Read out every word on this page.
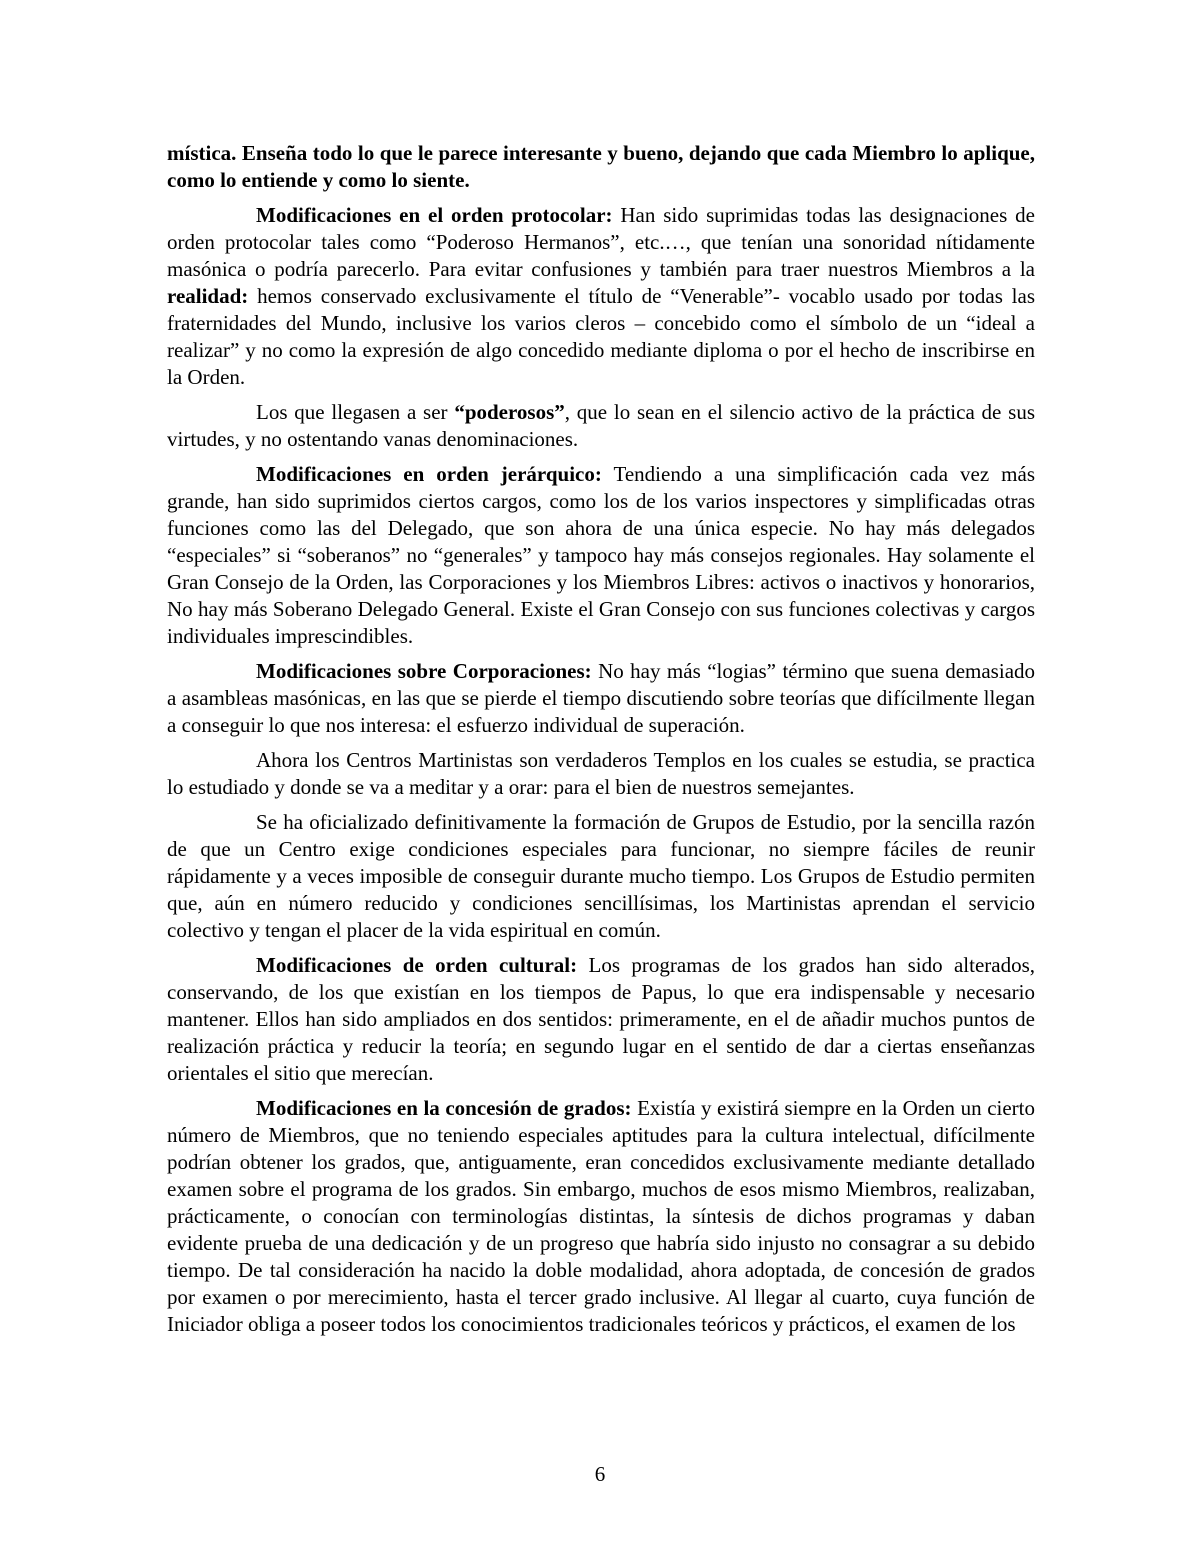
mística. Enseña todo lo que le parece interesante y bueno, dejando que cada Miembro lo aplique, como lo entiende y como lo siente.

Modificaciones en el orden protocolar: Han sido suprimidas todas las designaciones de orden protocolar tales como “Poderoso Hermanos”, etc.…, que tenían una sonoridad nítidamente masónica o podría parecerlo. Para evitar confusiones y también para traer nuestros Miembros a la realidad: hemos conservado exclusivamente el título de “Venerable”- vocablo usado por todas las fraternidades del Mundo, inclusive los varios cleros – concebido como el símbolo de un “ideal a realizar” y no como la expresión de algo concedido mediante diploma o por el hecho de inscribirse en la Orden.

Los que llegasen a ser “poderosos”, que lo sean en el silencio activo de la práctica de sus virtudes, y no ostentando vanas denominaciones.

Modificaciones en orden jerárquico: Tendiendo a una simplificación cada vez más grande, han sido suprimidos ciertos cargos, como los de los varios inspectores y simplificadas otras funciones como las del Delegado, que son ahora de una única especie. No hay más delegados “especiales” si “soberanos” no “generales” y tampoco hay más consejos regionales. Hay solamente el Gran Consejo de la Orden, las Corporaciones y los Miembros Libres: activos o inactivos y honorarios, No hay más Soberano Delegado General. Existe el Gran Consejo con sus funciones colectivas y cargos individuales imprescindibles.

Modificaciones sobre Corporaciones: No hay más “logias” término que suena demasiado a asambleas masónicas, en las que se pierde el tiempo discutiendo sobre teorías que difícilmente llegan a conseguir lo que nos interesa: el esfuerzo individual de superación.

Ahora los Centros Martinistas son verdaderos Templos en los cuales se estudia, se practica lo estudiado y donde se va a meditar y a orar: para el bien de nuestros semejantes.

Se ha oficializado definitivamente la formación de Grupos de Estudio, por la sencilla razón de que un Centro exige condiciones especiales para funcionar, no siempre fáciles de reunir rápidamente y a veces imposible de conseguir durante mucho tiempo. Los Grupos de Estudio permiten que, aún en número reducido y condiciones sencillísimas, los Martinistas aprendan el servicio colectivo y tengan el placer de la vida espiritual en común.

Modificaciones de orden cultural: Los programas de los grados han sido alterados, conservando, de los que existían en los tiempos de Papus, lo que era indispensable y necesario mantener. Ellos han sido ampliados en dos sentidos: primeramente, en el de añadir muchos puntos de realización práctica y reducir la teoría; en segundo lugar en el sentido de dar a ciertas enseñanzas orientales el sitio que merecían.

Modificaciones en la concesión de grados: Existía y existirá siempre en la Orden un cierto número de Miembros, que no teniendo especiales aptitudes para la cultura intelectual, difícilmente podrían obtener los grados, que, antiguamente, eran concedidos exclusivamente mediante detallado examen sobre el programa de los grados. Sin embargo, muchos de esos mismo Miembros, realizaban, prácticamente, o conocían con terminologías distintas, la síntesis de dichos programas y daban evidente prueba de una dedicación y de un progreso que habría sido injusto no consagrar a su debido tiempo. De tal consideración ha nacido la doble modalidad, ahora adoptada, de concesión de grados por examen o por merecimiento, hasta el tercer grado inclusive. Al llegar al cuarto, cuya función de Iniciador obliga a poseer todos los conocimientos tradicionales teóricos y prácticos, el examen de los

6
